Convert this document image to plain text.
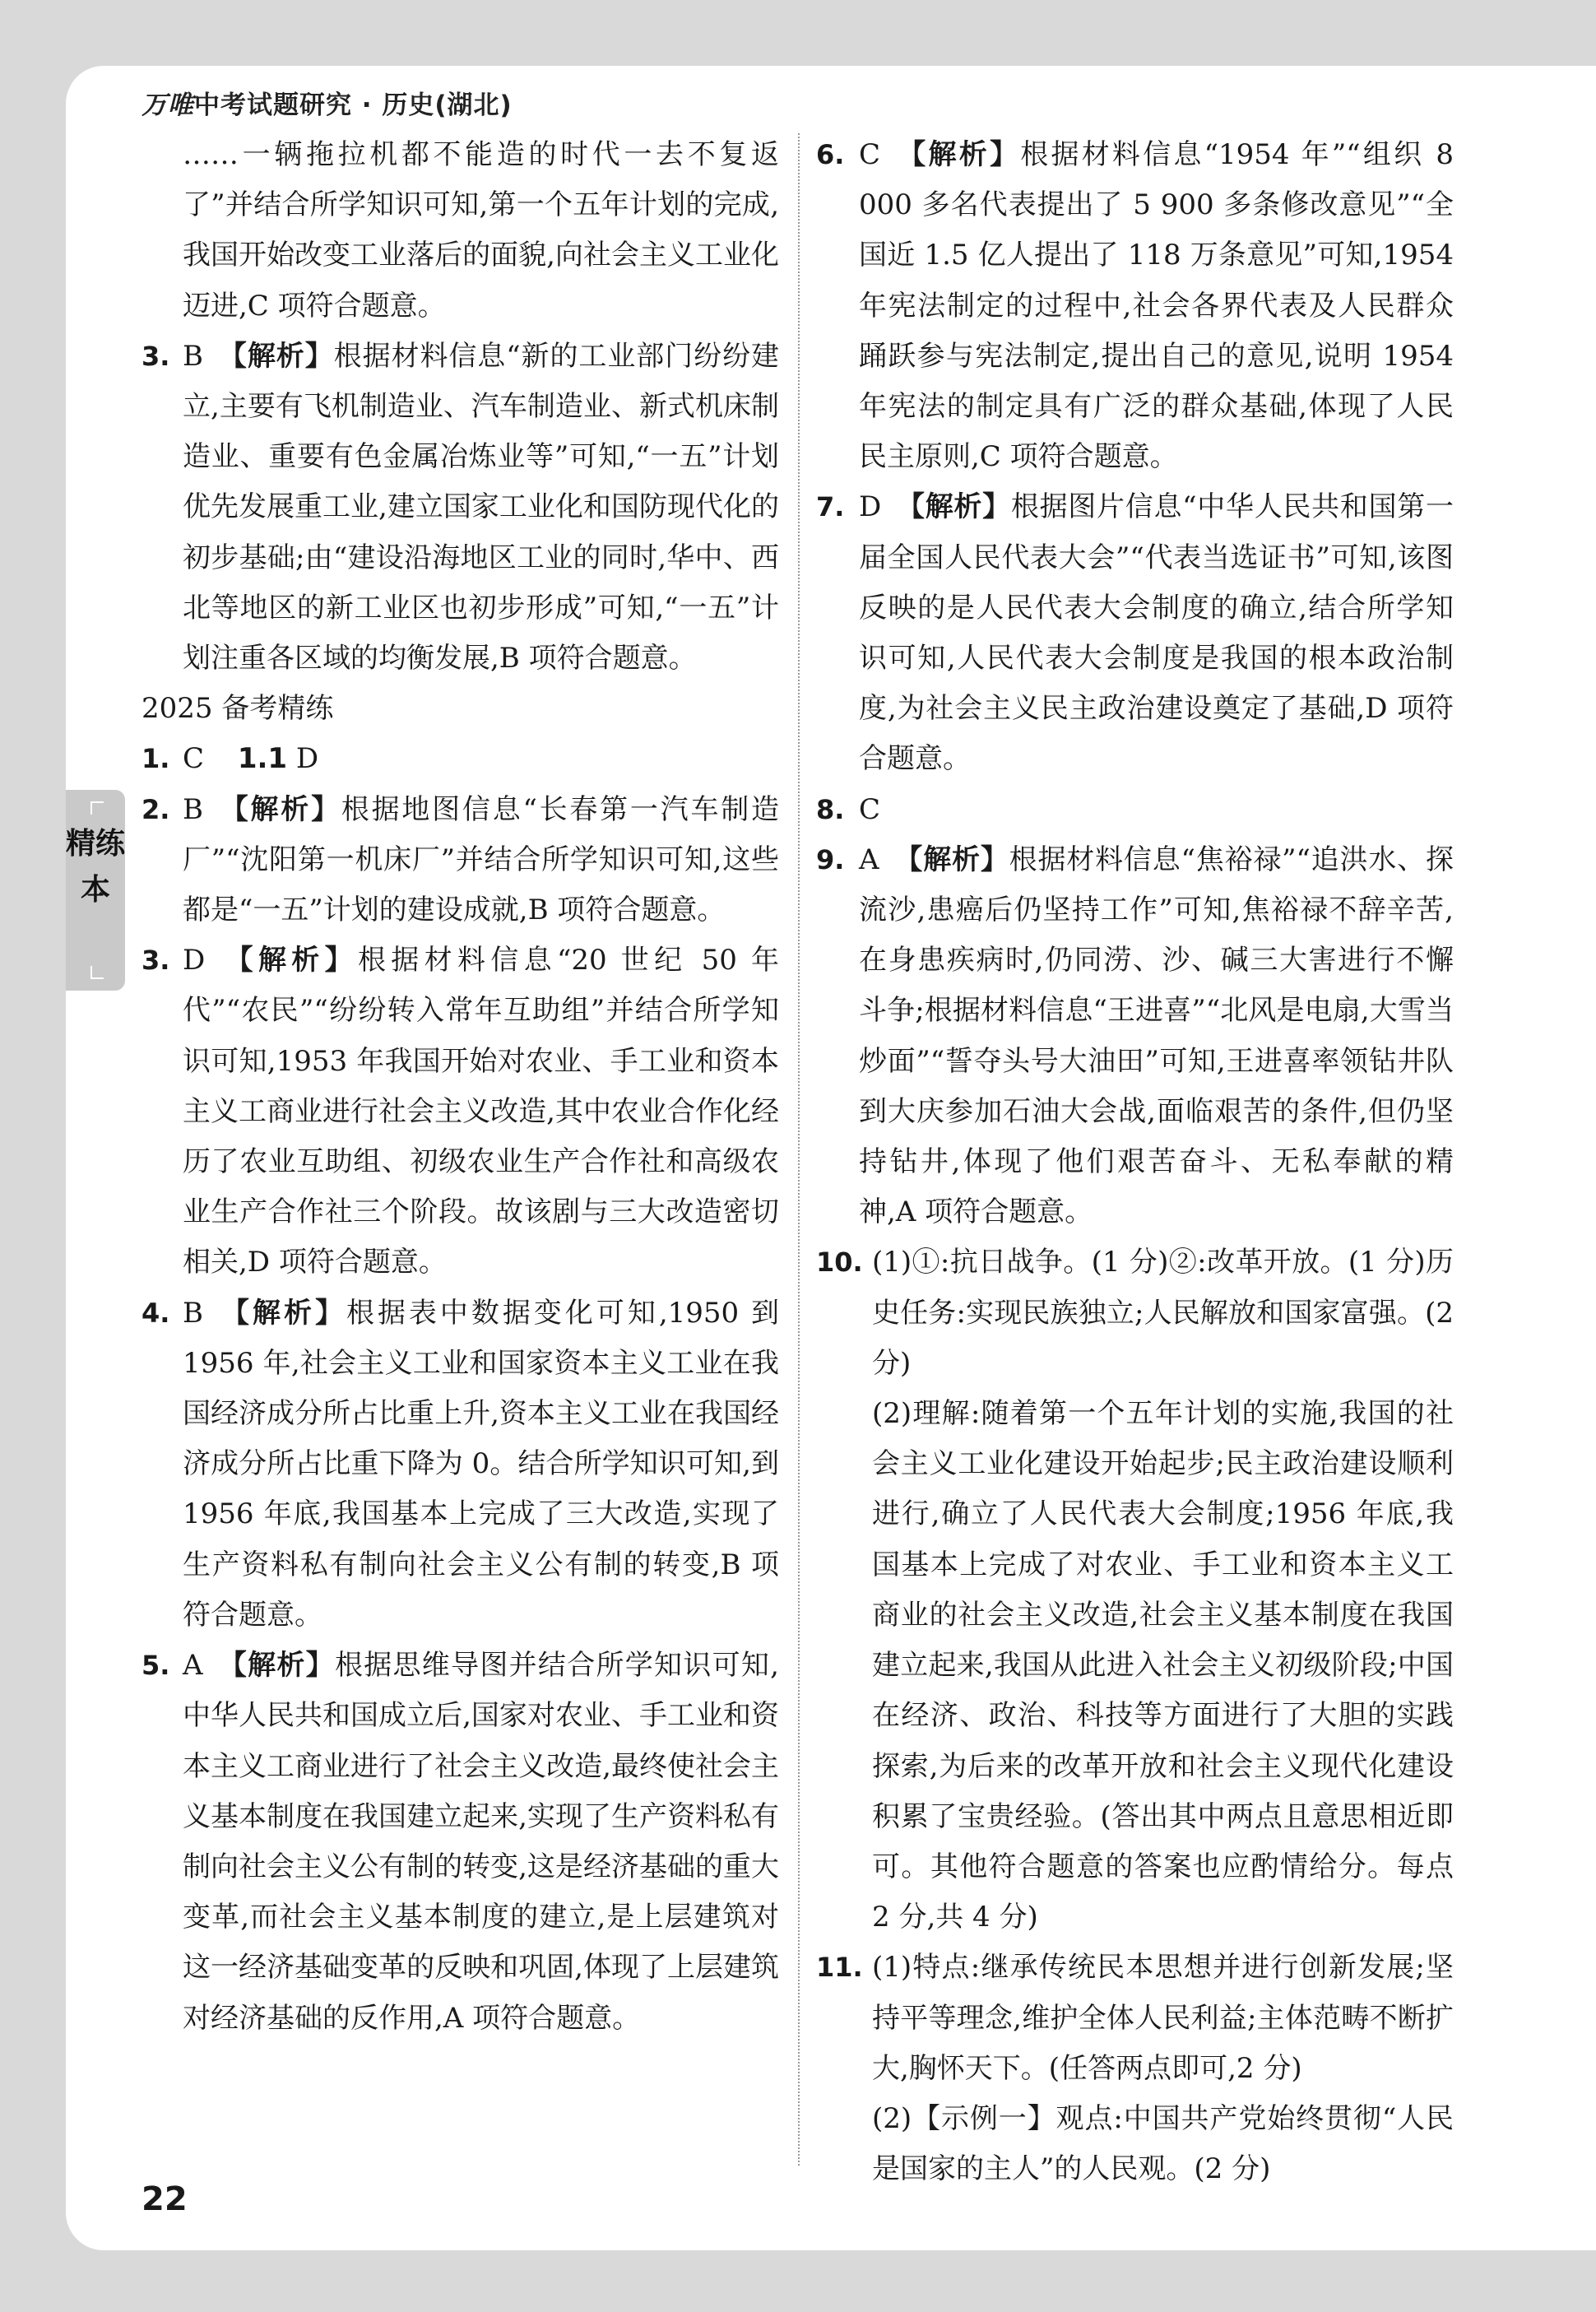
万唯中考试题研究 · 历史(湖北)
精练本
……一辆拖拉机都不能造的时代一去不复返了”并结合所学知识可知,第一个五年计划的完成,我国开始改变工业落后的面貌,向社会主义工业化迈进,C 项符合题意。
3. B 【解析】根据材料信息“新的工业部门纷纷建立,主要有飞机制造业、汽车制造业、新式机床制造业、重要有色金属冶炼业等”可知,“一五”计划优先发展重工业,建立国家工业化和国防现代化的初步基础;由“建设沿海地区工业的同时,华中、西北等地区的新工业区也初步形成”可知,“一五”计划注重各区域的均衡发展,B 项符合题意。
2025 备考精练
1. C 1.1 D
2. B 【解析】根据地图信息“长春第一汽车制造厂”“沈阳第一机床厂”并结合所学知识可知,这些都是“一五”计划的建设成就,B 项符合题意。
3. D 【解析】根据材料信息“20 世纪 50 年代”“农民”“纷纷转入常年互助组”并结合所学知识可知,1953 年我国开始对农业、手工业和资本主义工商业进行社会主义改造,其中农业合作化经历了农业互助组、初级农业生产合作社和高级农业生产合作社三个阶段。故该剧与三大改造密切相关,D 项符合题意。
4. B 【解析】根据表中数据变化可知,1950 到 1956 年,社会主义工业和国家资本主义工业在我国经济成分所占比重上升,资本主义工业在我国经济成分所占比重下降为 0。结合所学知识可知,到 1956 年底,我国基本上完成了三大改造,实现了生产资料私有制向社会主义公有制的转变,B 项符合题意。
5. A 【解析】根据思维导图并结合所学知识可知,中华人民共和国成立后,国家对农业、手工业和资本主义工商业进行了社会主义改造,最终使社会主义基本制度在我国建立起来,实现了生产资料私有制向社会主义公有制的转变,这是经济基础的重大变革,而社会主义基本制度的建立,是上层建筑对这一经济基础变革的反映和巩固,体现了上层建筑对经济基础的反作用,A 项符合题意。
6. C 【解析】根据材料信息“1954 年”“组织 8 000 多名代表提出了 5 900 多条修改意见”“全国近 1.5 亿人提出了 118 万条意见”可知,1954 年宪法制定的过程中,社会各界代表及人民群众踊跃参与宪法制定,提出自己的意见,说明 1954 年宪法的制定具有广泛的群众基础,体现了人民民主原则,C 项符合题意。
7. D 【解析】根据图片信息“中华人民共和国第一届全国人民代表大会”“代表当选证书”可知,该图反映的是人民代表大会制度的确立,结合所学知识可知,人民代表大会制度是我国的根本政治制度,为社会主义民主政治建设奠定了基础,D 项符合题意。
8. C
9. A 【解析】根据材料信息“焦裕禄”“追洪水、探流沙,患癌后仍坚持工作”可知,焦裕禄不辞辛苦,在身患疾病时,仍同涝、沙、碱三大害进行不懈斗争;根据材料信息“王进喜”“北风是电扇,大雪当炒面”“誓夺头号大油田”可知,王进喜率领钻井队到大庆参加石油大会战,面临艰苦的条件,但仍坚持钻井,体现了他们艰苦奋斗、无私奉献的精神,A 项符合题意。
10. (1)①:抗日战争。(1 分)②:改革开放。(1 分)历史任务:实现民族独立;人民解放和国家富强。(2 分)
(2)理解:随着第一个五年计划的实施,我国的社会主义工业化建设开始起步;民主政治建设顺利进行,确立了人民代表大会制度;1956 年底,我国基本上完成了对农业、手工业和资本主义工商业的社会主义改造,社会主义基本制度在我国建立起来,我国从此进入社会主义初级阶段;中国在经济、政治、科技等方面进行了大胆的实践探索,为后来的改革开放和社会主义现代化建设积累了宝贵经验。(答出其中两点且意思相近即可。其他符合题意的答案也应酌情给分。每点 2 分,共 4 分)
11. (1)特点:继承传统民本思想并进行创新发展;坚持平等理念,维护全体人民利益;主体范畴不断扩大,胸怀天下。(任答两点即可,2 分)
(2)【示例一】观点:中国共产党始终贯彻“人民是国家的主人”的人民观。(2 分)
22
